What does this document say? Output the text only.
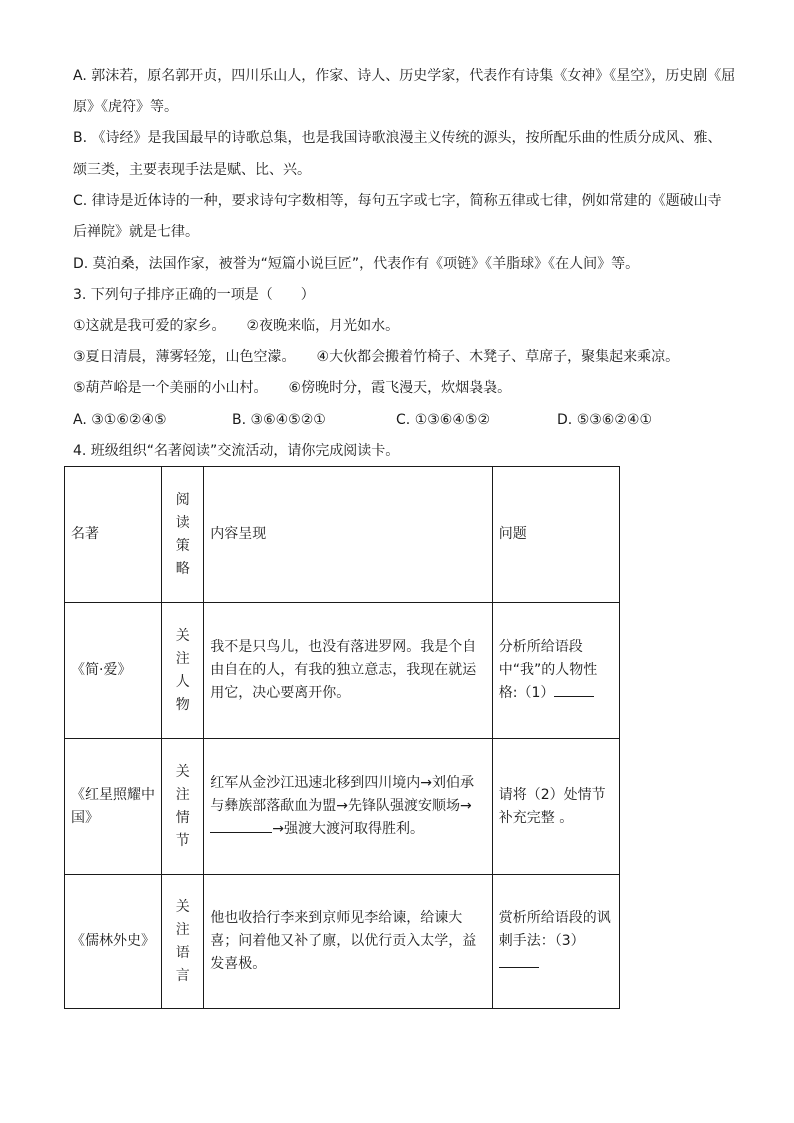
A. 郭沫若，原名郭开贞，四川乐山人，作家、诗人、历史学家，代表作有诗集《女神》《星空》，历史剧《屈
原》《虎符》等。
B. 《诗经》是我国最早的诗歌总集，也是我国诗歌浪漫主义传统的源头，按所配乐曲的性质分成风、雅、
颂三类，主要表现手法是赋、比、兴。
C. 律诗是近体诗的一种，要求诗句字数相等，每句五字或七字，简称五律或七律，例如常建的《题破山寺
后禅院》就是七律。
D. 莫泊桑，法国作家，被誉为“短篇小说巨匠”，代表作有《项链》《羊脂球》《在人间》等。
3. 下列句子排序正确的一项是（　　）
①这就是我可爱的家乡。　　②夜晚来临，月光如水。
③夏日清晨，薄雾轻笼，山色空濛。　　④大伙都会搬着竹椅子、木凳子、草席子，聚集起来乘凉。
⑤葫芦峪是一个美丽的小山村。　　⑥傍晚时分，霞飞漫天，炊烟袅袅。
A. ③①⑥②④⑤	B. ③⑥④⑤②①	C. ①③⑥④⑤②	D. ⑤③⑥②④①
4. 班级组织“名著阅读”交流活动，请你完成阅读卡。
名著	阅读策略	内容呈现	问题
《简·爱》	关注人物	我不是只鸟儿，也没有落进罗网。我是个自由自在的人，有我的独立意志，我现在就运用它，决心要离开你。	分析所给语段中“我”的人物性格:（1）
《红星照耀中国》	关注情节	红军从金沙江迅速北移到四川境内→刘伯承与彝族部落歃血为盟→先锋队强渡安顺场→→强渡大渡河取得胜利。	请将（2）处情节补充完整 。
《儒林外史》	关注语言	他也收拾行李来到京师见李给谏，给谏大喜；问着他又补了廪，以优行贡入太学，益发喜极。	赏析所给语段的讽刺手法：（3）
